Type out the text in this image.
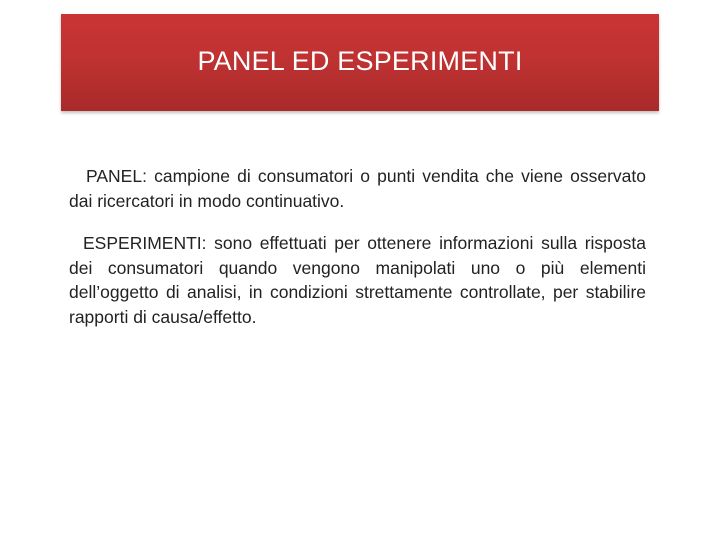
PANEL ED ESPERIMENTI

PANEL: campione di consumatori o punti vendita che viene osservato dai ricercatori in modo continuativo.

ESPERIMENTI: sono effettuati per ottenere informazioni sulla risposta dei consumatori quando vengono manipolati uno o più elementi dell’oggetto di analisi, in condizioni strettamente controllate, per stabilire rapporti di causa/effetto.
